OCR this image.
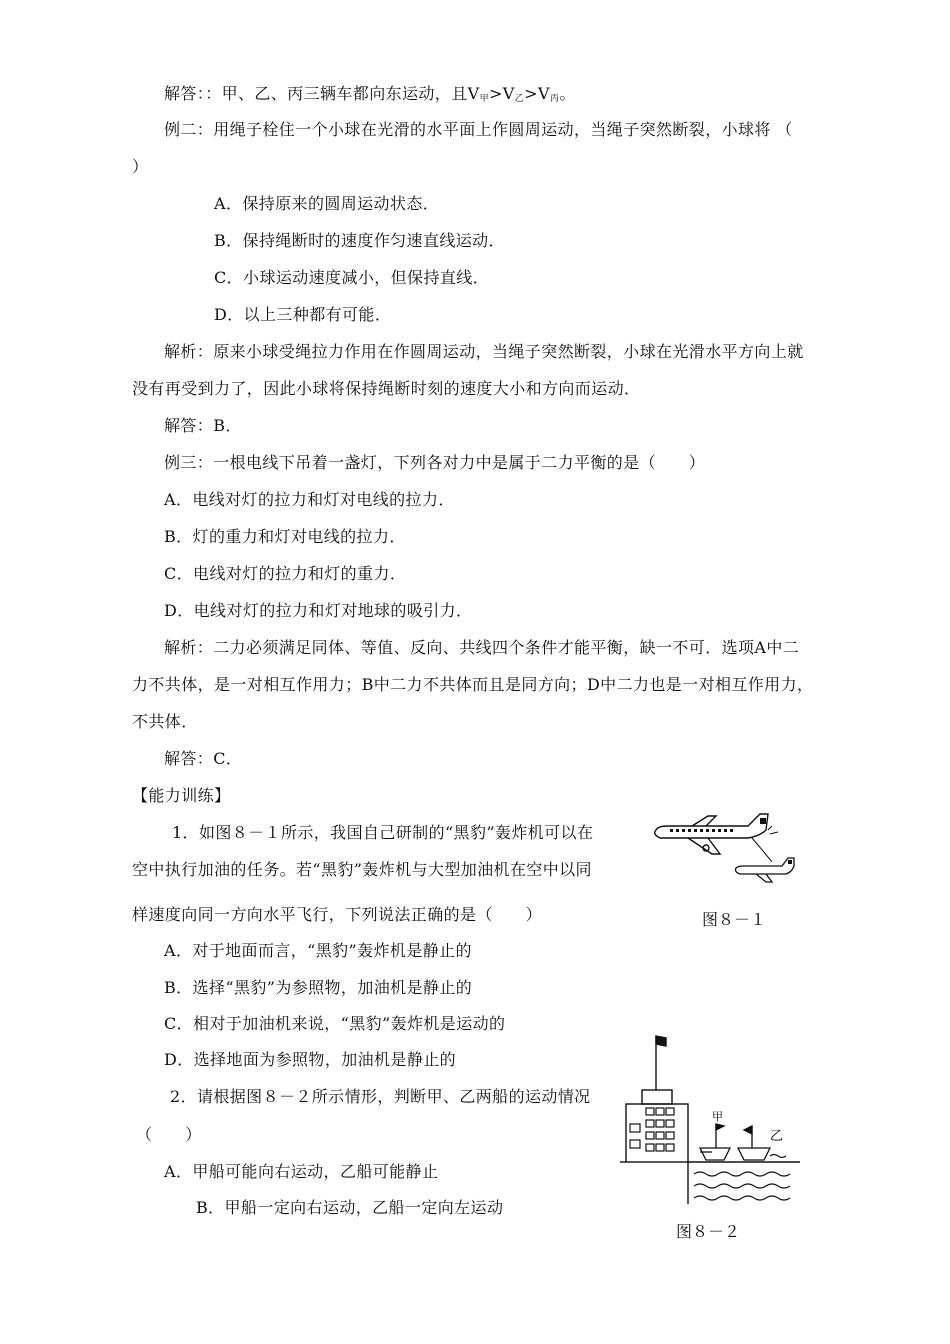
解答：：甲、乙、丙三辆车都向东运动，且$V_甲>V_乙>V_丙$。
例二：用绳子栓住一个小球在光滑的水平面上作圆周运动，当绳子突然断裂，小球将 （
）
A．保持原来的圆周运动状态．
B．保持绳断时的速度作匀速直线运动．
C．小球运动速度减小，但保持直线．
D．以上三种都有可能．
解析：原来小球受绳拉力作用在作圆周运动，当绳子突然断裂，小球在光滑水平方向上就
没有再受到力了，因此小球将保持绳断时刻的速度大小和方向而运动．
解答：B．
例三：一根电线下吊着一盏灯，下列各对力中是属于二力平衡的是（　　）
A．电线对灯的拉力和灯对电线的拉力．
B．灯的重力和灯对电线的拉力．
C．电线对灯的拉力和灯的重力．
D．电线对灯的拉力和灯对地球的吸引力．
解析：二力必须满足同体、等值、反向、共线四个条件才能平衡，缺一不可．选项A中二
力不共体，是一对相互作用力；B中二力不共体而且是同方向；D中二力也是一对相互作用力，
不共体．
解答：C．
【能力训练】
1．如图８－１所示，我国自己研制的“黑豹”轰炸机可以在
空中执行加油的任务。若“黑豹”轰炸机与大型加油机在空中以同
样速度向同一方向水平飞行，下列说法正确的是（　　）
A．对于地面而言，“黑豹”轰炸机是静止的
B．选择“黑豹”为参照物，加油机是静止的
C．相对于加油机来说，“黑豹”轰炸机是运动的
D．选择地面为参照物，加油机是静止的
图８－１
2．请根据图８－２所示情形，判断甲、乙两船的运动情况
（　　）
A．甲船可能向右运动，乙船可能静止
B．甲船一定向右运动，乙船一定向左运动
甲
乙
图８－２
